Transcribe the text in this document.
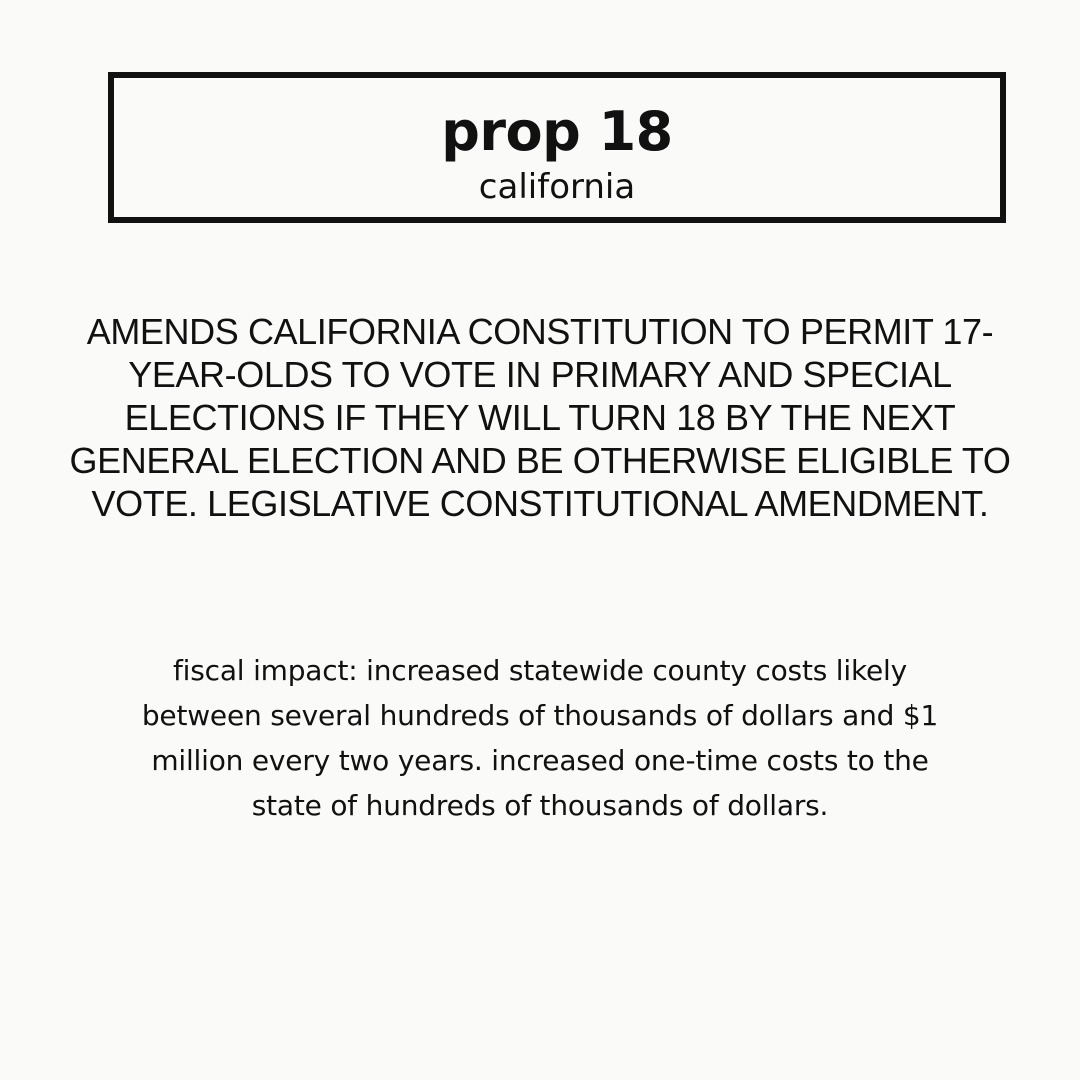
prop 18

california

AMENDS CALIFORNIA CONSTITUTION TO PERMIT 17-
YEAR-OLDS TO VOTE IN PRIMARY AND SPECIAL
ELECTIONS IF THEY WILL TURN 18 BY THE NEXT
GENERAL ELECTION AND BE OTHERWISE ELIGIBLE TO
VOTE. LEGISLATIVE CONSTITUTIONAL AMENDMENT.

fiscal impact: increased statewide county costs likely
between several hundreds of thousands of dollars and $1
million every two years. increased one-time costs to the
state of hundreds of thousands of dollars.
